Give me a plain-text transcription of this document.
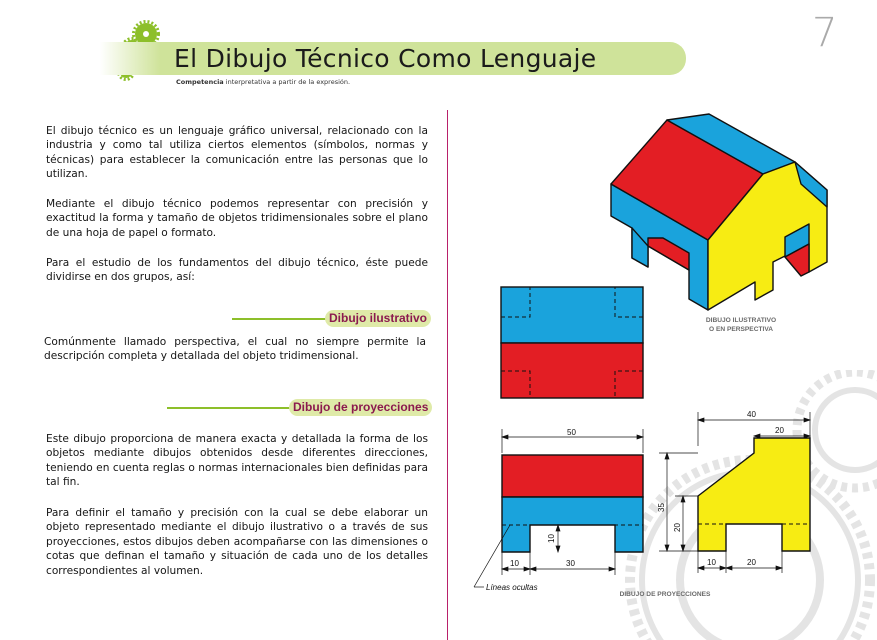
El Dibujo Técnico Como Lenguaje
Competencia interpretativa a partir de la expresión.
7
El dibujo técnico es un lenguaje gráfico universal, relacionado con la industria y como tal utiliza ciertos elementos (símbolos, normas y técnicas) para establecer la comunicación entre las personas que lo utilizan.
Mediante el dibujo técnico podemos representar con precisión y exactitud la forma y tamaño de objetos tridimensionales sobre el plano de una hoja de papel o formato.
Para el estudio de los fundamentos del dibujo técnico, éste puede dividirse en dos grupos, así:
Dibujo ilustrativo
Comúnmente llamado perspectiva, el cual no siempre permite la descripción completa y detallada del objeto tridimensional.
Dibujo de proyecciones
Este dibujo proporciona de manera exacta y detallada la forma de los objetos mediante dibujos obtenidos desde diferentes direcciones, teniendo en cuenta reglas o normas internacionales bien definidas para tal fin.
Para definir el tamaño y precisión con la cual se debe elaborar un objeto representado mediante el dibujo ilustrativo o a través de sus proyecciones, estos dibujos deben acompañarse con las dimensiones o cotas que definan el tamaño y situación de cada uno de los detalles correspondientes al volumen.
DIBUJO ILUSTRATIVO
O EN PERSPECTIVA
50
10
10	30
Líneas ocultas
40
20
35
20
10	20
DIBUJO DE PROYECCIONES
